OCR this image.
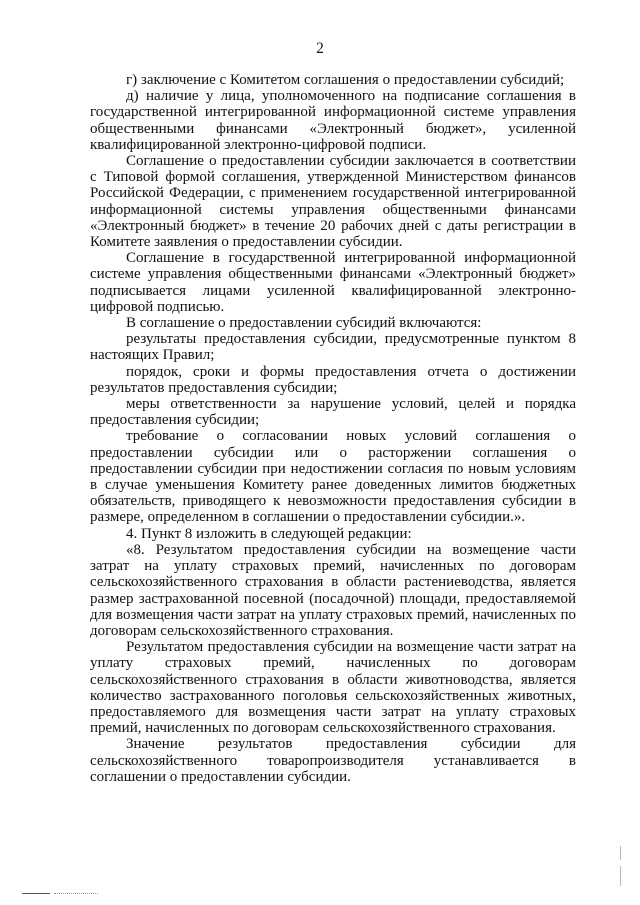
2

г) заключение с Комитетом соглашения о предоставлении субсидий;

д) наличие у лица, уполномоченного на подписание соглашения в государственной интегрированной информационной системе управления общественными финансами «Электронный бюджет», усиленной квалифицированной электронно-цифровой подписи.

Соглашение о предоставлении субсидии заключается в соответствии с Типовой формой соглашения, утвержденной Министерством финансов Российской Федерации, с применением государственной интегрированной информационной системы управления общественными финансами «Электронный бюджет» в течение 20 рабочих дней с даты регистрации в Комитете заявления о предоставлении субсидии.

Соглашение в государственной интегрированной информационной системе управления общественными финансами «Электронный бюджет» подписывается лицами усиленной квалифицированной электронно-цифровой подписью.

В соглашение о предоставлении субсидий включаются:

результаты предоставления субсидии, предусмотренные пунктом 8 настоящих Правил;

порядок, сроки и формы предоставления отчета о достижении результатов предоставления субсидии;

меры ответственности за нарушение условий, целей и порядка предоставления субсидии;

требование о согласовании новых условий соглашения о предоставлении субсидии или о расторжении соглашения о предоставлении субсидии при недостижении согласия по новым условиям в случае уменьшения Комитету ранее доведенных лимитов бюджетных обязательств, приводящего к невозможности предоставления субсидии в размере, определенном в соглашении о предоставлении субсидии.».

4. Пункт 8 изложить в следующей редакции:

«8. Результатом предоставления субсидии на возмещение части затрат на уплату страховых премий, начисленных по договорам сельскохозяйственного страхования в области растениеводства, является размер застрахованной посевной (посадочной) площади, предоставляемой для возмещения части затрат на уплату страховых премий, начисленных по договорам сельскохозяйственного страхования.

Результатом предоставления субсидии на возмещение части затрат на уплату страховых премий, начисленных по договорам сельскохозяйственного страхования в области животноводства, является количество застрахованного поголовья сельскохозяйственных животных, предоставляемого для возмещения части затрат на уплату страховых премий, начисленных по договорам сельскохозяйственного страхования.

Значение результатов предоставления субсидии для сельскохозяйственного товаропроизводителя устанавливается в соглашении о предоставлении субсидии.
